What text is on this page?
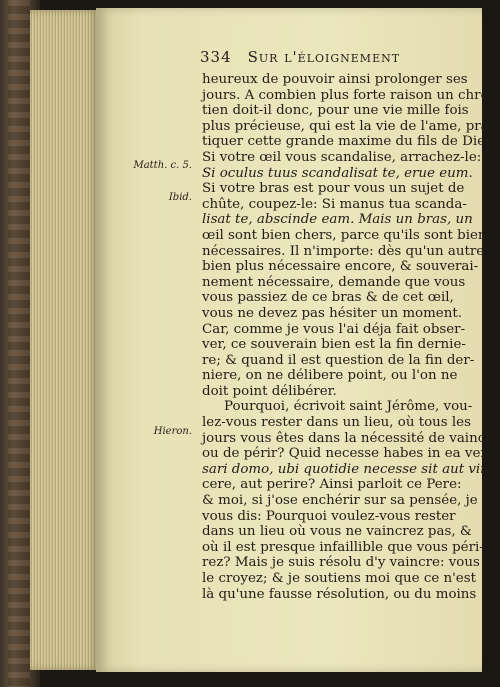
334 Sur l'éloignement
Matth. c. 5.
Ibid.
Hieron.
heureux de pouvoir ainsi prolonger ses
jours. A combien plus forte raison un chré-
tien doit-il donc, pour une vie mille fois
plus précieuse, qui est la vie de l'ame, pra-
tiquer cette grande maxime du fils de Dieu:
Si votre œil vous scandalise, arrachez-le:
Si oculus tuus scandalisat te, erue eum.
Si votre bras est pour vous un sujet de
chûte, coupez-le: Si manus tua scanda-
lisat te, abscinde eam. Mais un bras, un
œil sont bien chers, parce qu'ils sont bien
nécessaires. Il n'importe: dès qu'un autre
bien plus nécessaire encore, & souverai-
nement nécessaire, demande que vous
vous passiez de ce bras & de cet œil,
vous ne devez pas hésiter un moment.
Car, comme je vous l'ai déja fait obser-
ver, ce souverain bien est la fin dernie-
re; & quand il est question de la fin der-
niere, on ne délibere point, ou l'on ne
doit point délibérer.
Pourquoi, écrivoit saint Jérôme, vou-
lez-vous rester dans un lieu, où tous les
jours vous êtes dans la nécessité de vaincre
ou de périr? Quid necesse habes in ea ver-
sari domo, ubi quotidie necesse sit aut vin-
cere, aut perire? Ainsi parloit ce Pere:
& moi, si j'ose enchérir sur sa pensée, je
vous dis: Pourquoi voulez-vous rester
dans un lieu où vous ne vaincrez pas, &
où il est presque infaillible que vous péri-
rez? Mais je suis résolu d'y vaincre: vous
le croyez; & je soutiens moi que ce n'est
là qu'une fausse résolution, ou du moins
